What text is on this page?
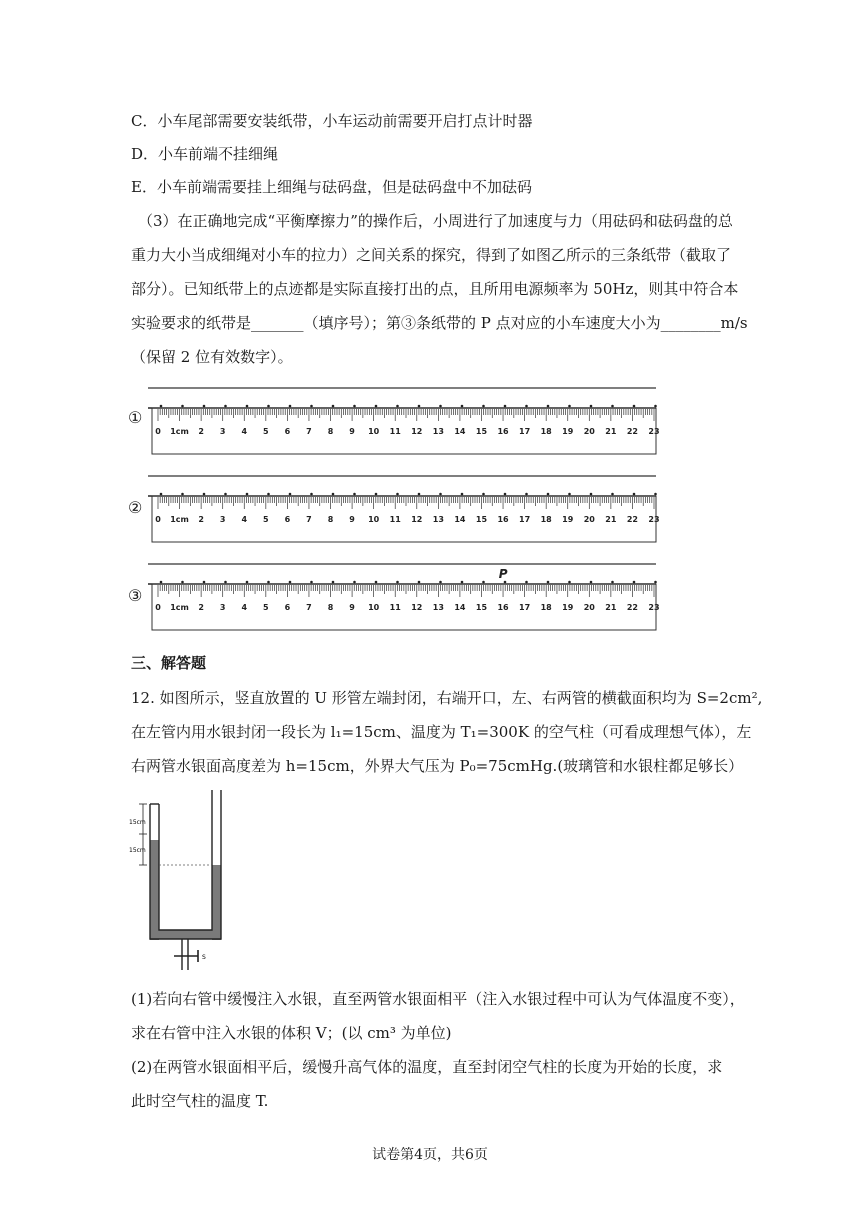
C．小车尾部需要安装纸带，小车运动前需要开启打点计时器
D．小车前端不挂细绳
E．小车前端需要挂上细绳与砝码盘，但是砝码盘中不加砝码
（3）在正确地完成“平衡摩擦力”的操作后，小周进行了加速度与力（用砝码和砝码盘的总
重力大小当成细绳对小车的拉力）之间关系的探究，得到了如图乙所示的三条纸带（截取了
部分）。已知纸带上的点迹都是实际直接打出的点，且所用电源频率为 50Hz，则其中符合本
实验要求的纸带是_______（填序号）；第③条纸带的 P 点对应的小车速度大小为________m/s
（保留 2 位有效数字）。
①
②
③
0 1cm 2 3 4 5 6 7 8 9 10 11 12 13 14 15 16 17 18 19 20 21 22 23
0 1cm 2 3 4 5 6 7 8 9 10 11 12 13 14 15 16 17 18 19 20 21 22 23
0 1cm 2 3 4 5 6 7 8 9 10 11 12 13 14 15 16 17 18 19 20 21 22 23
P
三、解答题
12. 如图所示，竖直放置的 U 形管左端封闭，右端开口，左、右两管的横截面积均为 S=2cm²,
在左管内用水银封闭一段长为 l₁=15cm、温度为 T₁=300K 的空气柱（可看成理想气体），左
右两管水银面高度差为 h=15cm，外界大气压为 P₀=75cmHg.(玻璃管和水银柱都足够长）
15cm
15cm
S
(1)若向右管中缓慢注入水银，直至两管水银面相平（注入水银过程中可认为气体温度不变），
求在右管中注入水银的体积 V；(以 cm³ 为单位)
(2)在两管水银面相平后，缓慢升高气体的温度，直至封闭空气柱的长度为开始的长度，求
此时空气柱的温度 T.
试卷第4页，共6页
